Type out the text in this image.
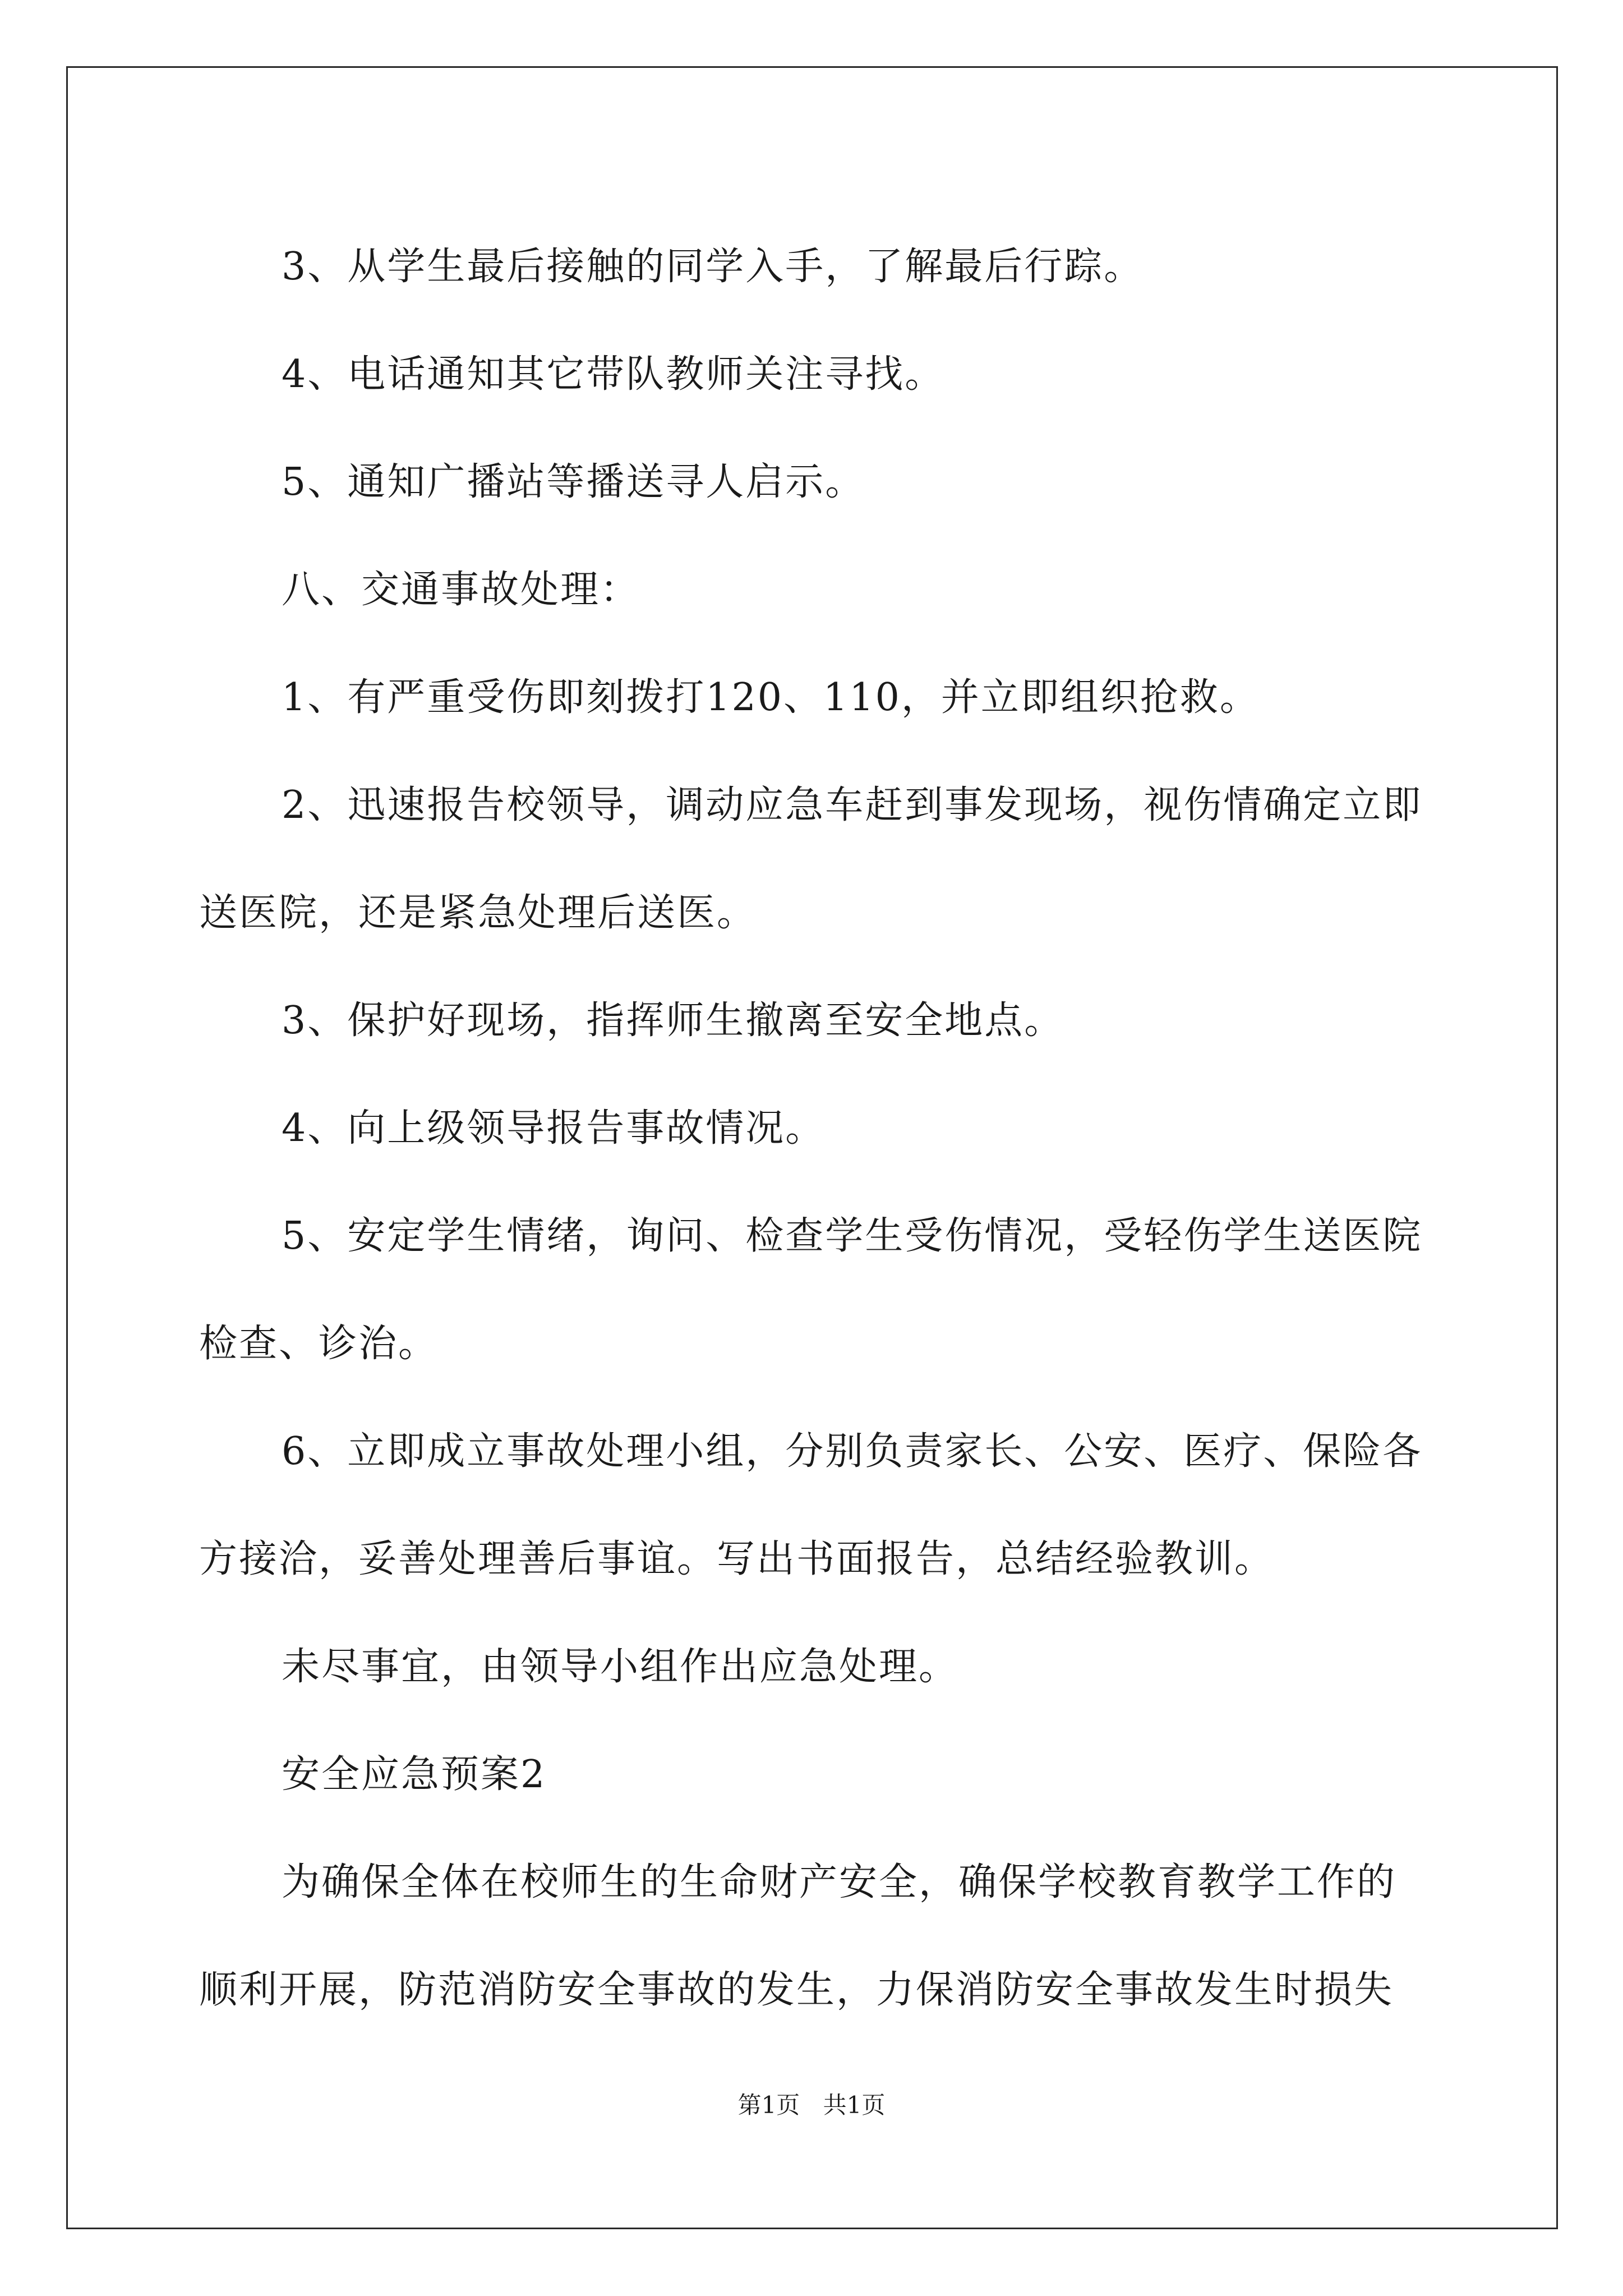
3、从学生最后接触的同学入手，了解最后行踪。

4、电话通知其它带队教师关注寻找。

5、通知广播站等播送寻人启示。

八、交通事故处理：

1、有严重受伤即刻拨打120、110，并立即组织抢救。

2、迅速报告校领导，调动应急车赶到事发现场，视伤情确定立即送医院，还是紧急处理后送医。

3、保护好现场，指挥师生撤离至安全地点。

4、向上级领导报告事故情况。

5、安定学生情绪，询问、检查学生受伤情况，受轻伤学生送医院检查、诊治。

6、立即成立事故处理小组，分别负责家长、公安、医疗、保险各方接洽，妥善处理善后事谊。写出书面报告，总结经验教训。

未尽事宜，由领导小组作出应急处理。

安全应急预案2

为确保全体在校师生的生命财产安全，确保学校教育教学工作的顺利开展，防范消防安全事故的发生，力保消防安全事故发生时损失

第1页 共1页
